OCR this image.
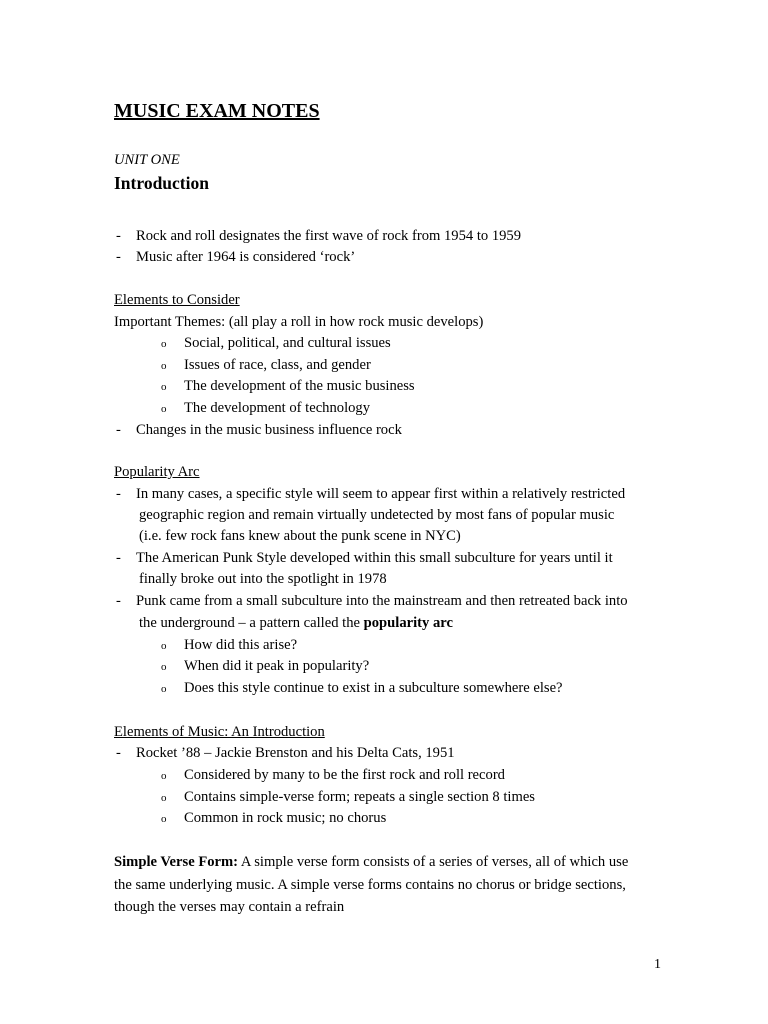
MUSIC EXAM NOTES
UNIT ONE
Introduction
- Rock and roll designates the first wave of rock from 1954 to 1959
- Music after 1964 is considered ‘rock’
Elements to Consider
Important Themes: (all play a roll in how rock music develops)
o Social, political, and cultural issues
o Issues of race, class, and gender
o The development of the music business
o The development of technology
- Changes in the music business influence rock
Popularity Arc
- In many cases, a specific style will seem to appear first within a relatively restricted
geographic region and remain virtually undetected by most fans of popular music
(i.e. few rock fans knew about the punk scene in NYC)
- The American Punk Style developed within this small subculture for years until it
finally broke out into the spotlight in 1978
- Punk came from a small subculture into the mainstream and then retreated back into
the underground – a pattern called the popularity arc
o How did this arise?
o When did it peak in popularity?
o Does this style continue to exist in a subculture somewhere else?
Elements of Music: An Introduction
- Rocket ’88 – Jackie Brenston and his Delta Cats, 1951
o Considered by many to be the first rock and roll record
o Contains simple-verse form; repeats a single section 8 times
o Common in rock music; no chorus
Simple Verse Form: A simple verse form consists of a series of verses, all of which use
the same underlying music. A simple verse forms contains no chorus or bridge sections,
though the verses may contain a refrain
1
